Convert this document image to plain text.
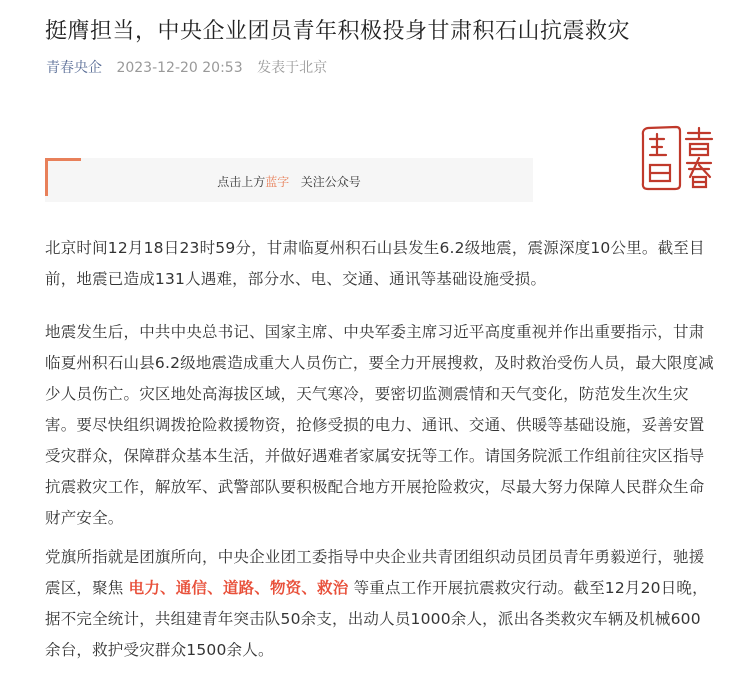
挺膺担当，中央企业团员青年积极投身甘肃积石山抗震救灾
青春央企 2023-12-20 20:53 发表于北京
点击上方蓝字 关注公众号
北京时间12月18日23时59分，甘肃临夏州积石山县发生6.2级地震，震源深度10公里。截至目前，地震已造成131人遇难，部分水、电、交通、通讯等基础设施受损。
地震发生后，中共中央总书记、国家主席、中央军委主席习近平高度重视并作出重要指示，甘肃临夏州积石山县6.2级地震造成重大人员伤亡，要全力开展搜救，及时救治受伤人员，最大限度减少人员伤亡。灾区地处高海拔区域，天气寒冷，要密切监测震情和天气变化，防范发生次生灾害。要尽快组织调拨抢险救援物资，抢修受损的电力、通讯、交通、供暖等基础设施，妥善安置受灾群众，保障群众基本生活，并做好遇难者家属安抚等工作。请国务院派工作组前往灾区指导抗震救灾工作，解放军、武警部队要积极配合地方开展抢险救灾，尽最大努力保障人民群众生命财产安全。
党旗所指就是团旗所向，中央企业团工委指导中央企业共青团组织动员团员青年勇毅逆行，驰援震区，聚焦 电力、通信、道路、物资、救治 等重点工作开展抗震救灾行动。截至12月20日晚，据不完全统计，共组建青年突击队50余支，出动人员1000余人，派出各类救灾车辆及机械600余台，救护受灾群众1500余人。
